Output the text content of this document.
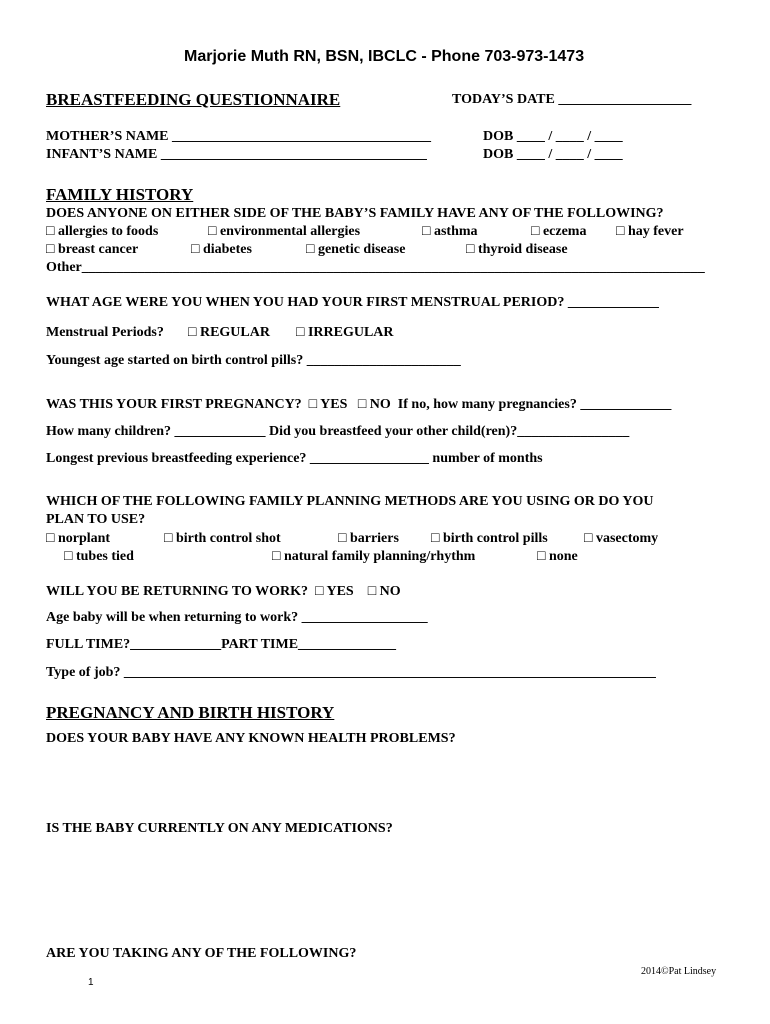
Marjorie Muth RN, BSN, IBCLC - Phone 703-973-1473
BREASTFEEDING QUESTIONNAIRE	TODAY’S DATE ___________________
MOTHER’S NAME _____________________________________	DOB ____ / ____ / ____
INFANT’S NAME ______________________________________	DOB ____ / ____ / ____
FAMILY HISTORY
DOES ANYONE ON EITHER SIDE OF THE BABY’S FAMILY HAVE ANY OF THE FOLLOWING?
□ allergies to foods	□ environmental allergies	□ asthma	□ eczema □ hay fever
□ breast cancer	□ diabetes	□ genetic disease	□ thyroid disease
Other_________________________________________________________________________________________
WHAT AGE WERE YOU WHEN YOU HAD YOUR FIRST MENSTRUAL PERIOD? _____________
Menstrual Periods? □ REGULAR □ IRREGULAR
Youngest age started on birth control pills? ______________________
WAS THIS YOUR FIRST PREGNANCY?  □ YES   □ NO  If no, how many pregnancies? _____________
How many children? _____________ Did you breastfeed your other child(ren)?________________
Longest previous breastfeeding experience? _________________ number of months
WHICH OF THE FOLLOWING FAMILY PLANNING METHODS ARE YOU USING OR DO YOU
PLAN TO USE?
□ norplant	□ birth control shot	□ barriers □ birth control pills	□ vasectomy
□ tubes tied	□ natural family planning/rhythm	□ none
WILL YOU BE RETURNING TO WORK?  □ YES    □ NO
Age baby will be when returning to work? __________________
FULL TIME?_____________PART TIME______________
Type of job? ____________________________________________________________________________
PREGNANCY AND BIRTH HISTORY
DOES YOUR BABY HAVE ANY KNOWN HEALTH PROBLEMS?
IS THE BABY CURRENTLY ON ANY MEDICATIONS?
ARE YOU TAKING ANY OF THE FOLLOWING?
2014©Pat Lindsey
1
